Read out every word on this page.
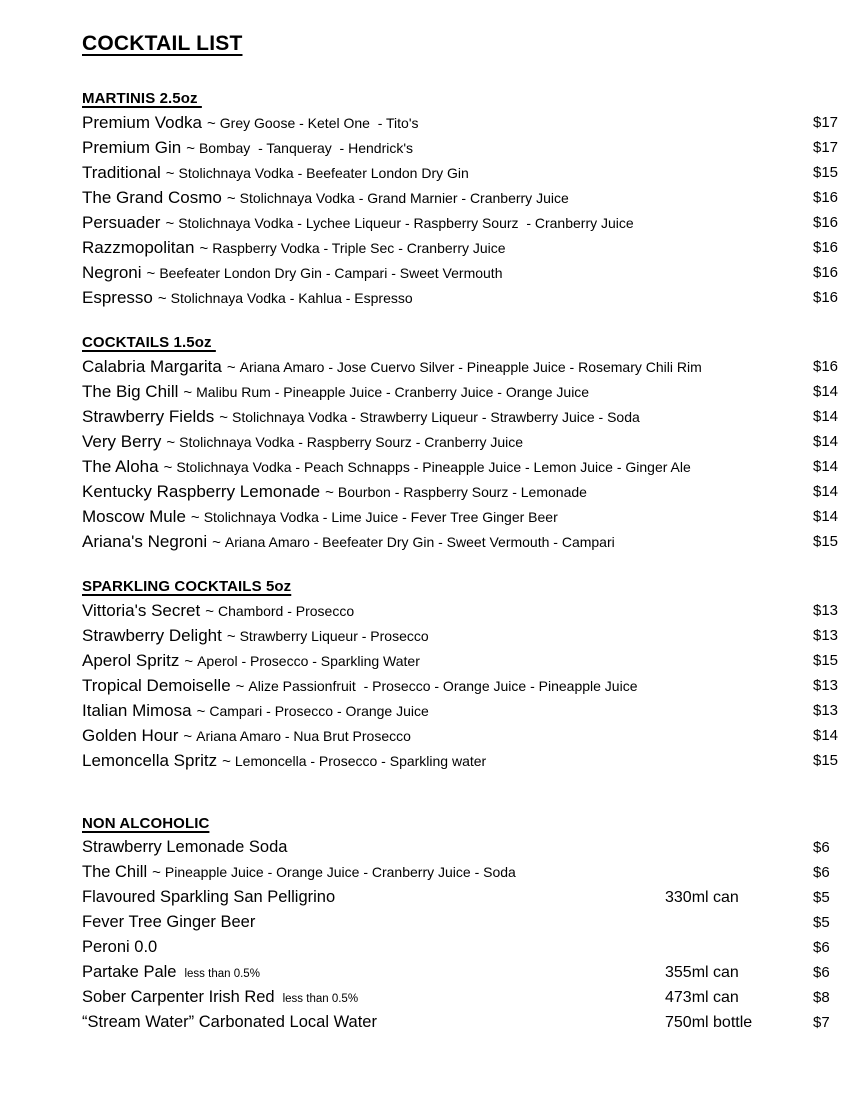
COCKTAIL LIST
MARTINIS 2.5oz
Premium Vodka ~ Grey Goose - Ketel One  - Tito's	$17
Premium Gin ~ Bombay  - Tanqueray  - Hendrick's	$17
Traditional ~ Stolichnaya Vodka - Beefeater London Dry Gin	$15
The Grand Cosmo ~ Stolichnaya Vodka - Grand Marnier - Cranberry Juice	$16
Persuader ~ Stolichnaya Vodka - Lychee Liqueur - Raspberry Sourz  - Cranberry Juice	$16
Razzmopolitan ~ Raspberry Vodka - Triple Sec - Cranberry Juice	$16
Negroni ~ Beefeater London Dry Gin - Campari - Sweet Vermouth	$16
Espresso ~ Stolichnaya Vodka - Kahlua - Espresso	$16
COCKTAILS 1.5oz
Calabria Margarita ~ Ariana Amaro - Jose Cuervo Silver - Pineapple Juice - Rosemary Chili Rim	$16
The Big Chill ~ Malibu Rum - Pineapple Juice - Cranberry Juice - Orange Juice	$14
Strawberry Fields ~ Stolichnaya Vodka - Strawberry Liqueur - Strawberry Juice - Soda	$14
Very Berry ~ Stolichnaya Vodka - Raspberry Sourz - Cranberry Juice	$14
The Aloha ~ Stolichnaya Vodka - Peach Schnapps - Pineapple Juice - Lemon Juice - Ginger Ale	$14
Kentucky Raspberry Lemonade ~ Bourbon - Raspberry Sourz - Lemonade	$14
Moscow Mule ~ Stolichnaya Vodka - Lime Juice - Fever Tree Ginger Beer	$14
Ariana's Negroni ~ Ariana Amaro - Beefeater Dry Gin - Sweet Vermouth - Campari	$15
SPARKLING COCKTAILS 5oz
Vittoria's Secret ~ Chambord - Prosecco	$13
Strawberry Delight ~ Strawberry Liqueur - Prosecco	$13
Aperol Spritz ~ Aperol - Prosecco - Sparkling Water	$15
Tropical Demoiselle ~ Alize Passionfruit  - Prosecco - Orange Juice - Pineapple Juice	$13
Italian Mimosa ~ Campari - Prosecco - Orange Juice	$13
Golden Hour ~ Ariana Amaro - Nua Brut Prosecco	$14
Lemoncella Spritz ~ Lemoncella - Prosecco - Sparkling water	$15
NON ALCOHOLIC
Strawberry Lemonade Soda	$6
The Chill ~ Pineapple Juice - Orange Juice - Cranberry Juice - Soda	$6
Flavoured Sparkling San Pelligrino	330ml can	$5
Fever Tree Ginger Beer	$5
Peroni 0.0	$6
Partake Pale less than 0.5%	355ml can	$6
Sober Carpenter Irish Red less than 0.5%	473ml can	$8
“Stream Water” Carbonated Local Water	750ml bottle	$7
